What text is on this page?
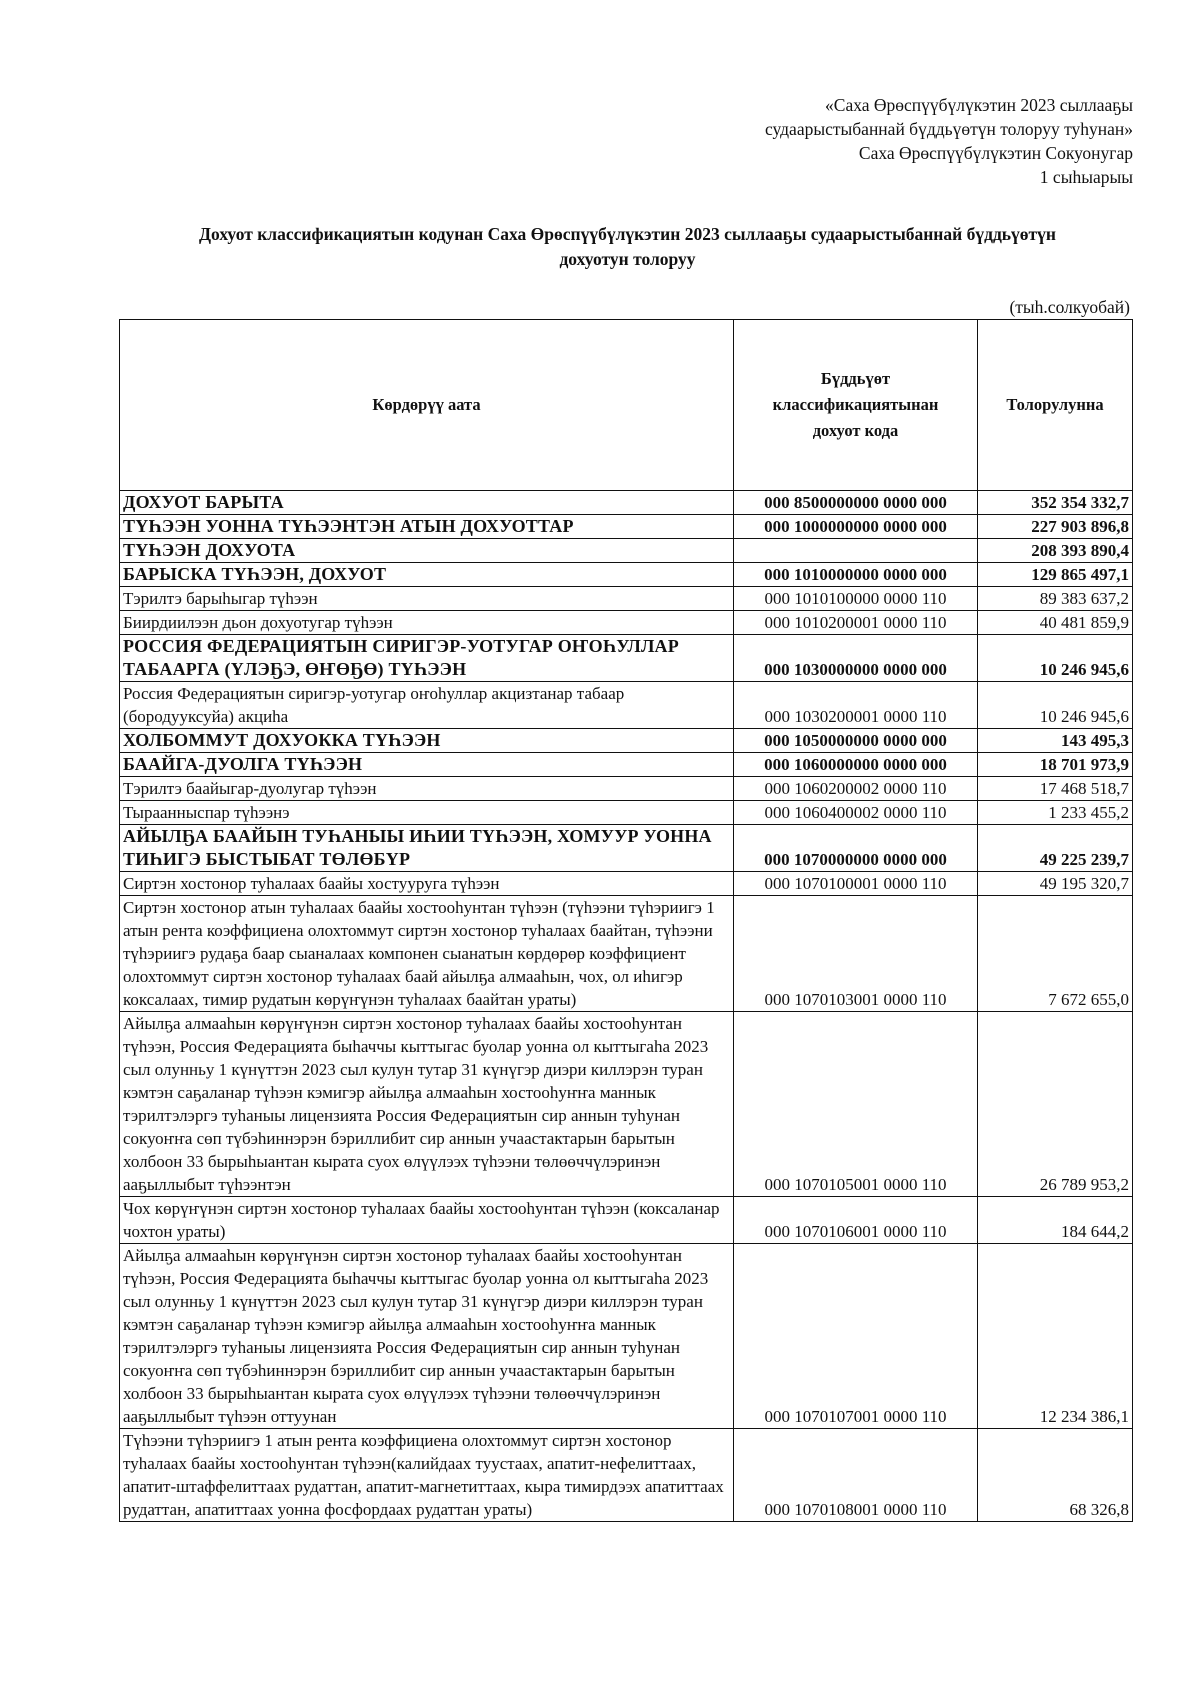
«Саха Өрөспүүбүлүкэтин 2023 сыллааҕы
судаарыстыбаннай бүддьүөтүн толоруу туһунан»
Саха Өрөспүүбүлүкэтин Сокуонугар
1 сыһыарыы
Дохуот классификациятын кодунан Саха Өрөспүүбүлүкэтин 2023 сыллааҕы судаарыстыбаннай бүддьүөтүн
дохуотун толоруу
(тыһ.солкуобай)
Көрдөрүү аата	Бүддьүөт классификациятынан дохуот кода	Толорулунна
ДОХУОТ БАРЫТА	000 8500000000 0000 000	352 354 332,7
ТҮҺЭЭН УОННА ТҮҺЭЭНТЭН АТЫН ДОХУОТТАР	000 1000000000 0000 000	227 903 896,8
ТҮҺЭЭН ДОХУОТА		208 393 890,4
БАРЫСКА ТҮҺЭЭН, ДОХУОТ	000 1010000000 0000 000	129 865 497,1
Тэрилтэ барыһыгар түһээн	000 1010100000 0000 110	89 383 637,2
Биирдиилээн дьон дохуотугар түһээн	000 1010200001 0000 110	40 481 859,9
РОССИЯ ФЕДЕРАЦИЯТЫН СИРИГЭР-УОТУГАР ОҤОҺУЛЛАР ТАБААРГА (ҮЛЭҔЭ, ӨҤӨҔӨ) ТҮҺЭЭН	000 1030000000 0000 000	10 246 945,6
Россия Федерациятын сиригэр-уотугар оҥоһуллар акцизтанар табаар (бородууксуйа) акциһа	000 1030200001 0000 110	10 246 945,6
ХОЛБОММУТ ДОХУОККА ТҮҺЭЭН	000 1050000000 0000 000	143 495,3
БААЙГА-ДУОЛГА ТҮҺЭЭН	000 1060000000 0000 000	18 701 973,9
Тэрилтэ баайыгар-дуолугар түһээн	000 1060200002 0000 110	17 468 518,7
Тыраанныспар түһээнэ	000 1060400002 0000 110	1 233 455,2
АЙЫЛҔА БААЙЫН ТУҺАНЫЫ ИҺИИ ТҮҺЭЭН, ХОМУУР УОННА ТИҺИГЭ БЫСТЫБАТ ТӨЛӨБҮР	000 1070000000 0000 000	49 225 239,7
Сиртэн хостонор туһалаах баайы хостууруга түһээн	000 1070100001 0000 110	49 195 320,7
Сиртэн хостонор атын туһалаах баайы хостооһунтан түһээн (түһээни түһэриигэ 1 атын рента коэффициена олохтоммут сиртэн хостонор туһалаах баайтан, түһээни түһэриигэ рудаҕа баар сыаналаах компонен сыанатын көрдөрөр коэффициент олохтоммут сиртэн хостонор туһалаах баай айылҕа алмааһын, чох, ол иһигэр коксалаах, тимир рудатын көрүҥүнэн туһалаах баайтан ураты)	000 1070103001 0000 110	7 672 655,0
Айылҕа алмааһын көрүҥүнэн сиртэн хостонор туһалаах баайы хостооһунтан түһээн, Россия Федерацията быһаччы кыттыгас буолар уонна ол кыттыгаһа 2023 сыл олунньу 1 күнүттэн 2023 сыл кулун тутар 31 күнүгэр диэри киллэрэн туран кэмтэн саҕаланар түһээн кэмигэр айылҕа алмааһын хостооһуҥҥа маннык тэрилтэлэргэ туһаныы лицензията Россия Федерациятын сир аннын туһунан сокуоҥҥа сөп түбэһиннэрэн бэриллибит сир аннын учаастактарын барытын холбоон 33 бырыһыантан кырата суох өлүүлээх түһээни төлөөччүлэринэн ааҕыллыбыт түһээнтэн	000 1070105001 0000 110	26 789 953,2
Чох көрүҥүнэн сиртэн хостонор туһалаах баайы хостооһунтан түһээн (коксаланар чохтон ураты)	000 1070106001 0000 110	184 644,2
Айылҕа алмааһын көрүҥүнэн сиртэн хостонор туһалаах баайы хостооһунтан түһээн, Россия Федерацията быһаччы кыттыгас буолар уонна ол кыттыгаһа 2023 сыл олунньу 1 күнүттэн 2023 сыл кулун тутар 31 күнүгэр диэри киллэрэн туран кэмтэн саҕаланар түһээн кэмигэр айылҕа алмааһын хостооһуҥҥа маннык тэрилтэлэргэ туһаныы лицензията Россия Федерациятын сир аннын туһунан сокуоҥҥа сөп түбэһиннэрэн бэриллибит сир аннын учаастактарын барытын холбоон 33 бырыһыантан кырата суох өлүүлээх түһээни төлөөччүлэринэн ааҕыллыбыт түһээн оттуунан	000 1070107001 0000 110	12 234 386,1
Түһээни түһэриигэ 1 атын рента коэффициена олохтоммут сиртэн хостонор туһалаах баайы хостооһунтан түһээн(калийдаах туустаах, апатит-нефелиттаах, апатит-штаффелиттаах рудаттан, апатит-магнетиттаах, кыра тимирдээх апатиттаах рудаттан, апатиттаах уонна фосфордаах рудаттан ураты)	000 1070108001 0000 110	68 326,8
